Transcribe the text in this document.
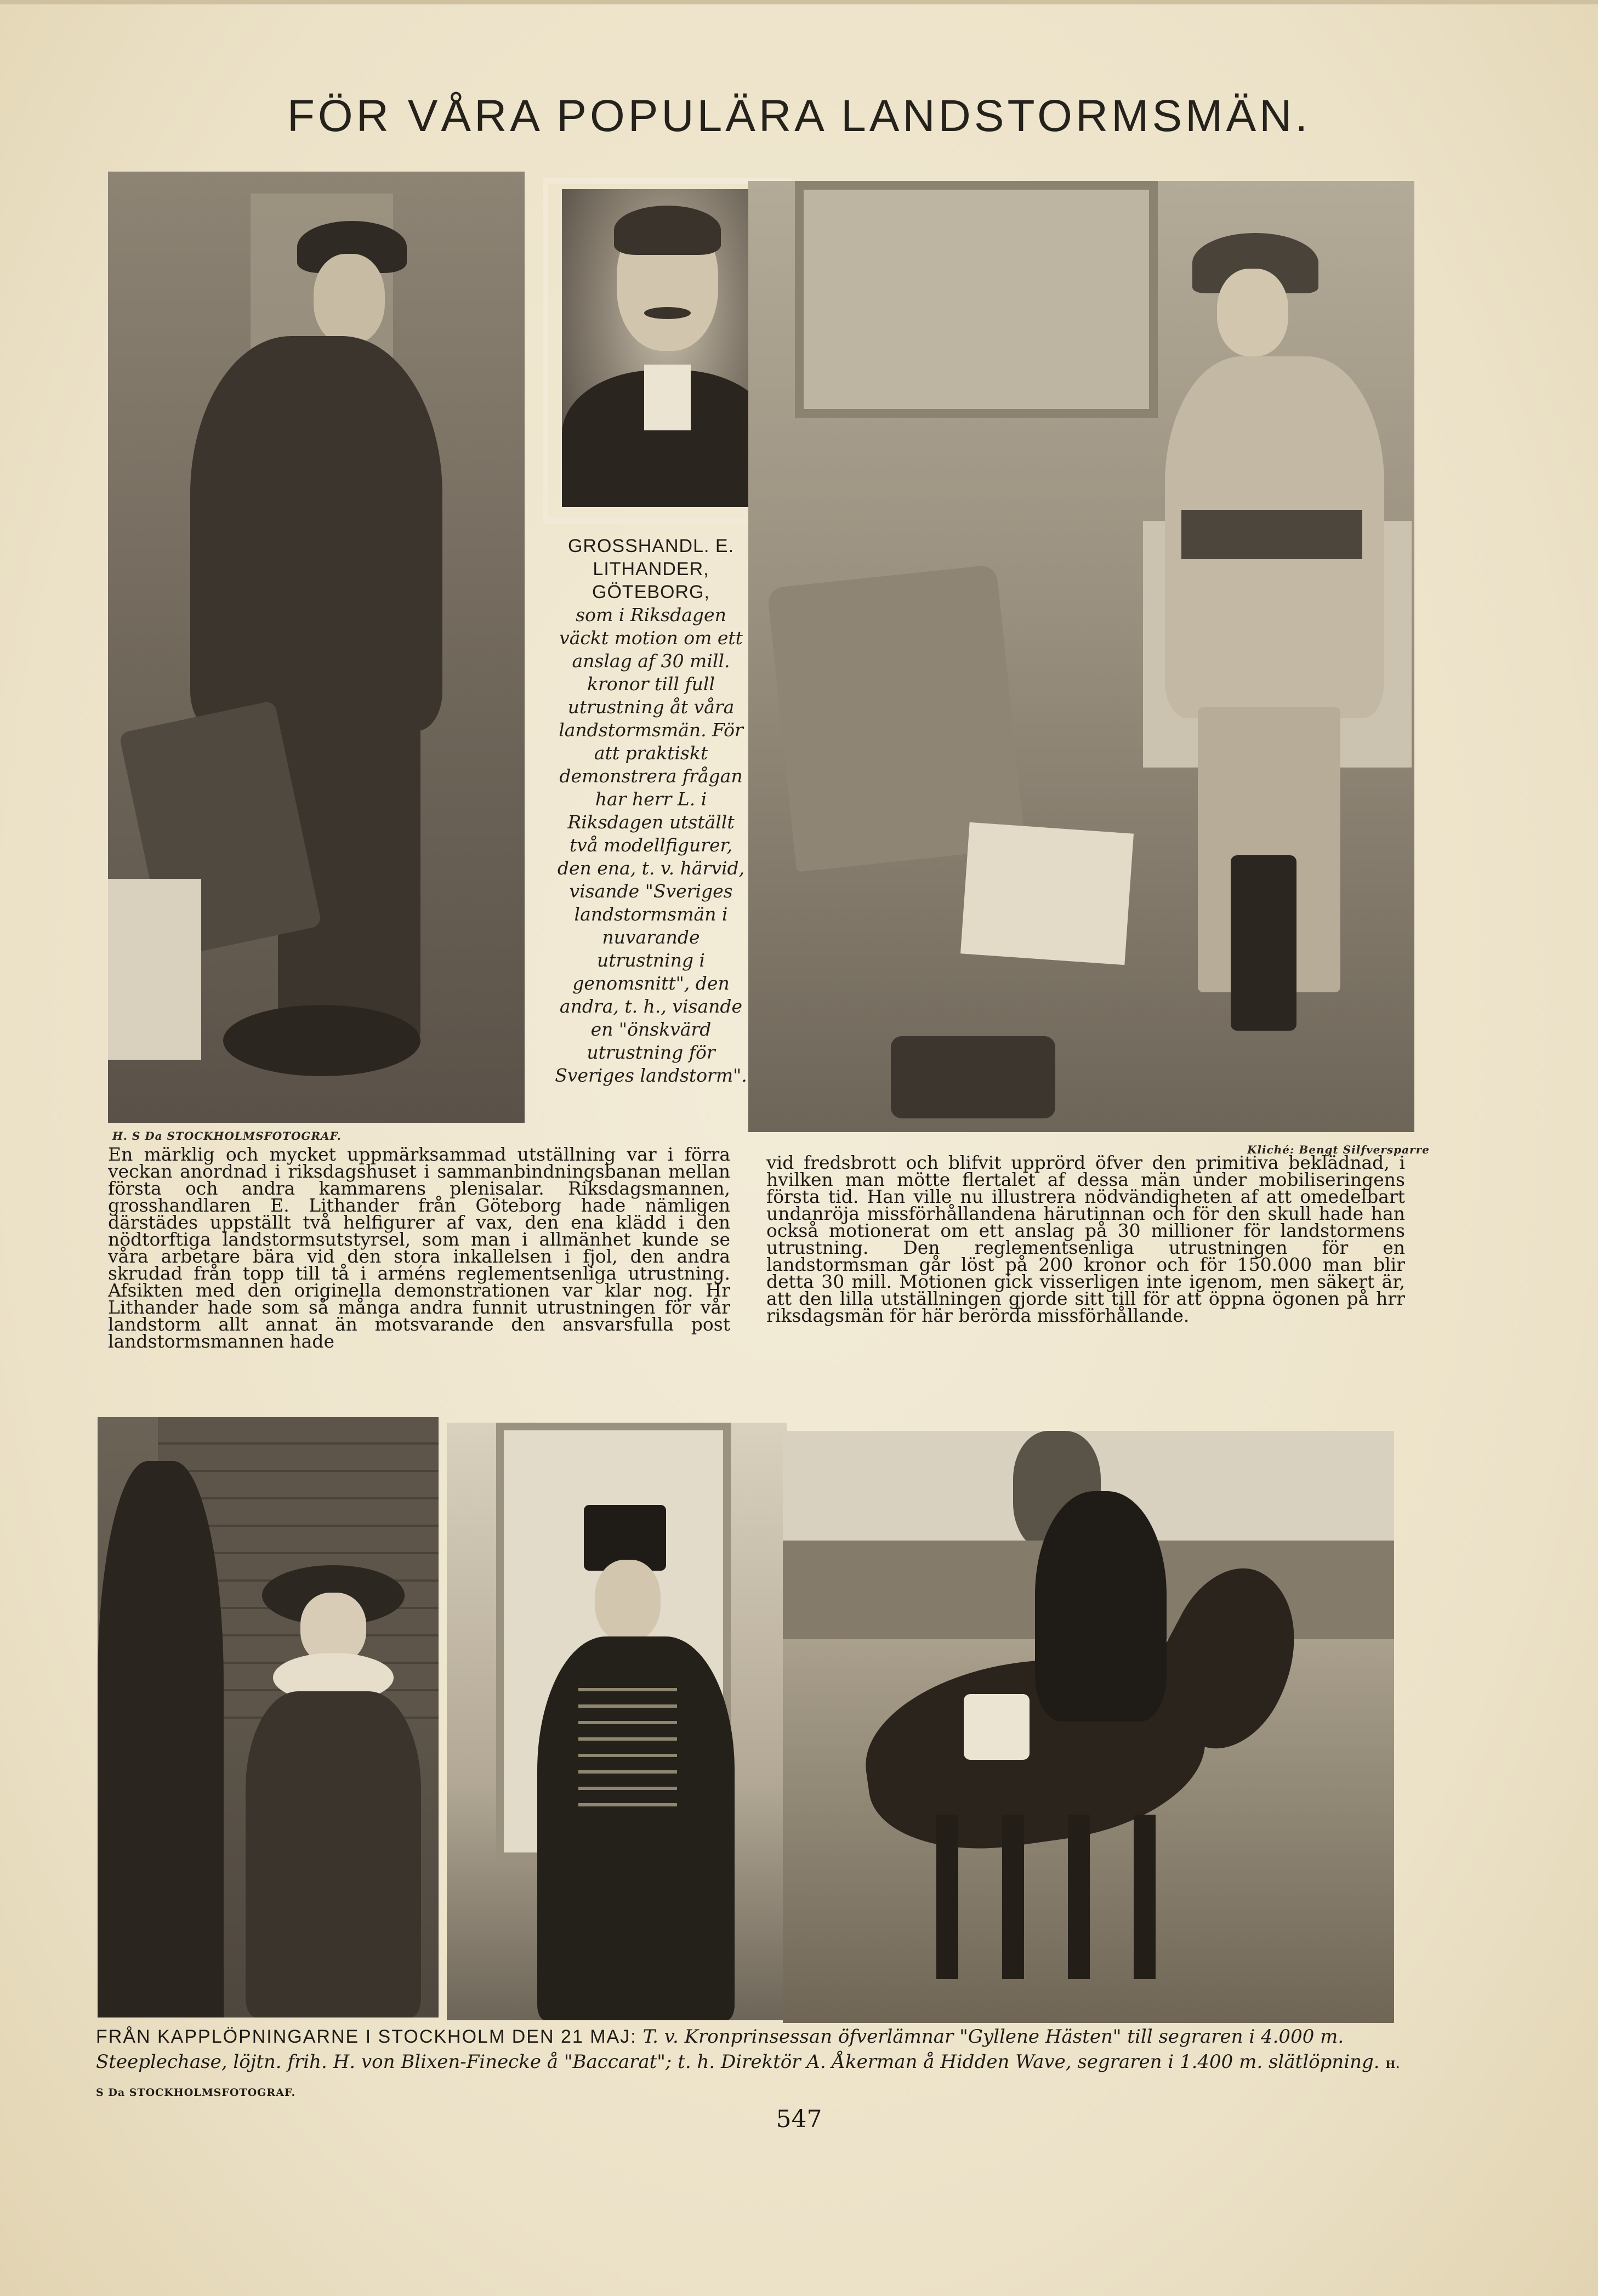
FÖR VÅRA POPULÄRA LANDSTORMSMÄN.
GROSSHANDL. E. LITHANDER, GÖTEBORG,
som i Riksdagen väckt motion om ett anslag af 30 mill. kronor till full utrustning åt våra landstormsmän. För att praktiskt demonstrera frågan har herr L. i Riksdagen utställt två modellfigurer, den ena, t. v. härvid, visande "Sveriges landstormsmän i nuvarande utrustning i genomsnitt", den andra, t. h., visande en "önskvärd utrustning för Sveriges landstorm".
H. S Da STOCKHOLMSFOTOGRAF.
Kliché: Bengt Silfversparre
En märklig och mycket uppmärksammad utställning var i förra veckan anordnad i riksdagshuset i sammanbindningsbanan mellan första och andra kammarens plenisalar. Riksdagsmannen, grosshandlaren E. Lithander från Göteborg hade nämligen därstädes uppställt två helfigurer af vax, den ena klädd i den nödtorftiga landstormsutstyrsel, som man i allmänhet kunde se våra arbetare bära vid den stora inkallelsen i fjol, den andra skrudad från topp till tå i arméns reglementsenliga utrustning. Afsikten med den originella demonstrationen var klar nog. Hr Lithander hade som så många andra funnit utrustningen för vår landstorm allt annat än motsvarande den ansvarsfulla post landstormsmannen hade
vid fredsbrott och blifvit upprörd öfver den primitiva beklädnad, i hvilken man mötte flertalet af dessa män under mobiliseringens första tid. Han ville nu illustrera nödvändigheten af att omedelbart undanröja missförhållandena härutinnan och för den skull hade han också motionerat om ett anslag på 30 millioner för landstormens utrustning. Den reglementsenliga utrustningen för en landstormsman går löst på 200 kronor och för 150.000 man blir detta 30 mill. Motionen gick visserligen inte igenom, men säkert är, att den lilla utställningen gjorde sitt till för att öppna ögonen på hrr riksdagsmän för här berörda missförhållande.
FRÅN KAPPLÖPNINGARNE I STOCKHOLM DEN 21 MAJ: T. v. Kronprinsessan öfverlämnar "Gyllene Hästen" till segraren i 4.000 m. Steeplechase, löjtn. frih. H. von Blixen-Finecke å "Baccarat"; t. h. Direktör A. Åkerman å Hidden Wave, segraren i 1.400 m. slätlöpning. H. S Da STOCKHOLMSFOTOGRAF.
547
